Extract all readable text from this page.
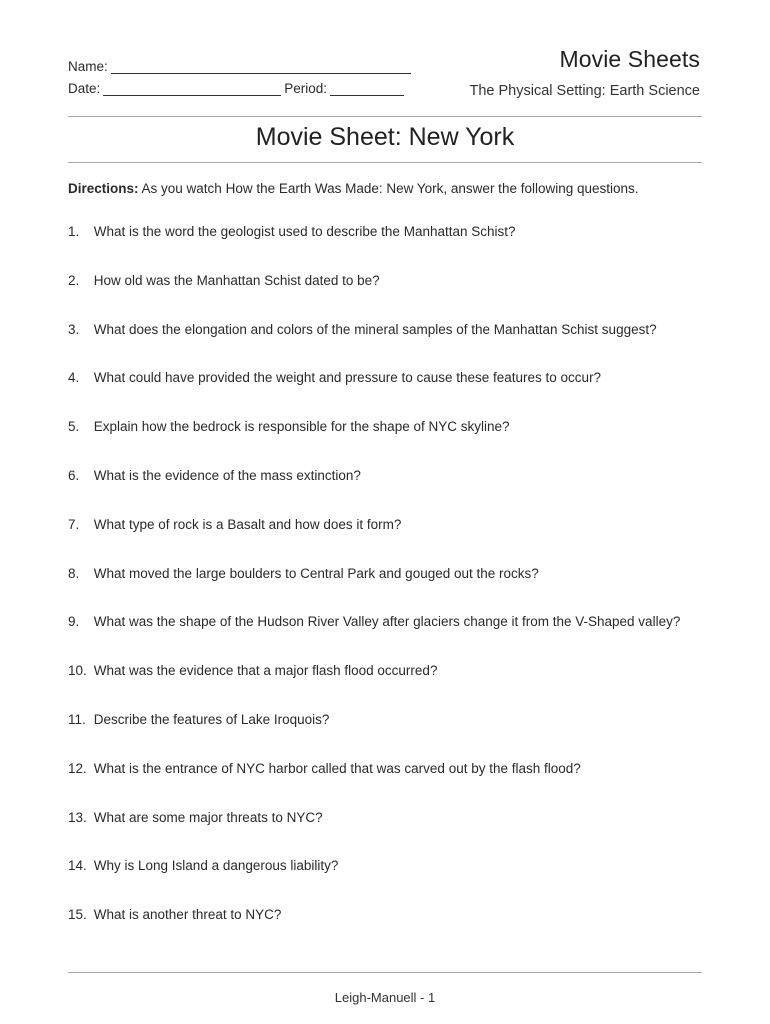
Name:
Date:	Period:
Movie Sheets
The Physical Setting: Earth Science
Movie Sheet: New York
Directions: As you watch How the Earth Was Made: New York, answer the following questions.
1.
	What is the word the geologist used to describe the Manhattan Schist?
2.
	How old was the Manhattan Schist dated to be?
3.
	What does the elongation and colors of the mineral samples of the Manhattan Schist suggest?
4.
	What could have provided the weight and pressure to cause these features to occur?
5.
	Explain how the bedrock is responsible for the shape of NYC skyline?
6.
	What is the evidence of the mass extinction?
7.
	What type of rock is a Basalt and how does it form?
8.
	What moved the large boulders to Central Park and gouged out the rocks?
9.
	What was the shape of the Hudson River Valley after glaciers change it from the V-Shaped valley?
10.
What was the evidence that a major flash flood occurred?
11.
Describe the features of Lake Iroquois?
12.
What is the entrance of NYC harbor called that was carved out by the flash flood?
13.
What are some major threats to NYC?
14.
Why is Long Island a dangerous liability?
15.
What is another threat to NYC?
Leigh-Manuell - 1
